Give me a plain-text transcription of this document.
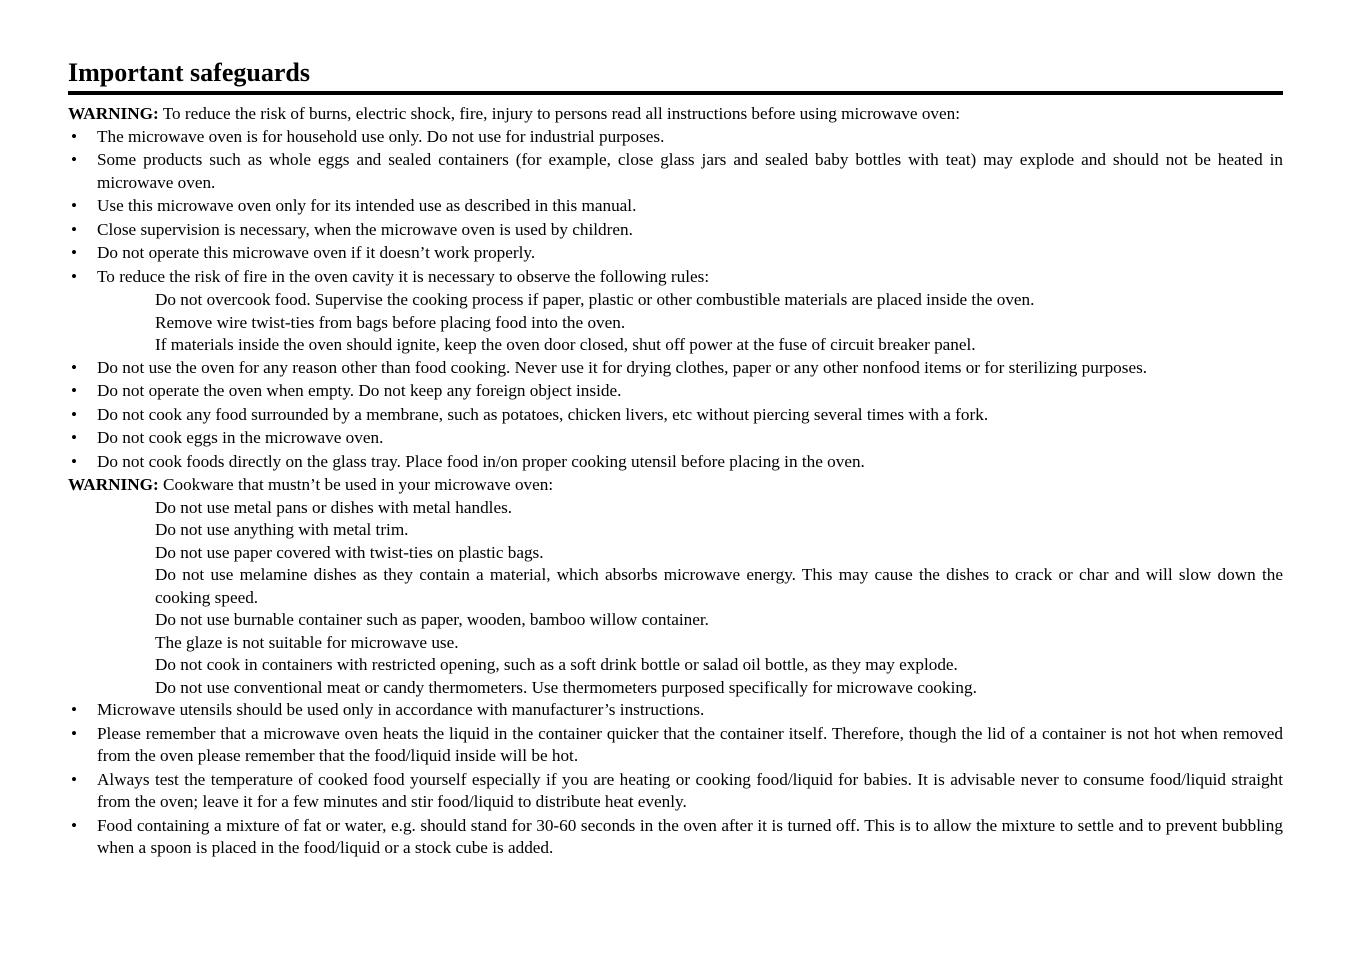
Important safeguards

WARNING: To reduce the risk of burns, electric shock, fire, injury to persons read all instructions before using microwave oven:

• The microwave oven is for household use only. Do not use for industrial purposes.
• Some products such as whole eggs and sealed containers (for example, close glass jars and sealed baby bottles with teat) may explode and should not be heated in microwave oven.
• Use this microwave oven only for its intended use as described in this manual.
• Close supervision is necessary, when the microwave oven is used by children.
• Do not operate this microwave oven if it doesn’t work properly.
• To reduce the risk of fire in the oven cavity it is necessary to observe the following rules:

Do not overcook food. Supervise the cooking process if paper, plastic or other combustible materials are placed inside the oven.

Remove wire twist-ties from bags before placing food into the oven.

If materials inside the oven should ignite, keep the oven door closed, shut off power at the fuse of circuit breaker panel.

• Do not use the oven for any reason other than food cooking. Never use it for drying clothes, paper or any other nonfood items or for sterilizing purposes.
• Do not operate the oven when empty. Do not keep any foreign object inside.
• Do not cook any food surrounded by a membrane, such as potatoes, chicken livers, etc without piercing several times with a fork.
• Do not cook eggs in the microwave oven.
• Do not cook foods directly on the glass tray. Place food in/on proper cooking utensil before placing in the oven.

WARNING: Cookware that mustn’t be used in your microwave oven:

Do not use metal pans or dishes with metal handles.

Do not use anything with metal trim.

Do not use paper covered with twist-ties on plastic bags.

Do not use melamine dishes as they contain a material, which absorbs microwave energy. This may cause the dishes to crack or char and will slow down the cooking speed.

Do not use burnable container such as paper, wooden, bamboo willow container.

The glaze is not suitable for microwave use.

Do not cook in containers with restricted opening, such as a soft drink bottle or salad oil bottle, as they may explode.

Do not use conventional meat or candy thermometers. Use thermometers purposed specifically for microwave cooking.

• Microwave utensils should be used only in accordance with manufacturer’s instructions.
• Please remember that a microwave oven heats the liquid in the container quicker that the container itself. Therefore, though the lid of a container is not hot when removed from the oven please remember that the food/liquid inside will be hot.
• Always test the temperature of cooked food yourself especially if you are heating or cooking food/liquid for babies. It is advisable never to consume food/liquid straight from the oven; leave it for a few minutes and stir food/liquid to distribute heat evenly.
• Food containing a mixture of fat or water, e.g. should stand for 30-60 seconds in the oven after it is turned off. This is to allow the mixture to settle and to prevent bubbling when a spoon is placed in the food/liquid or a stock cube is added.
